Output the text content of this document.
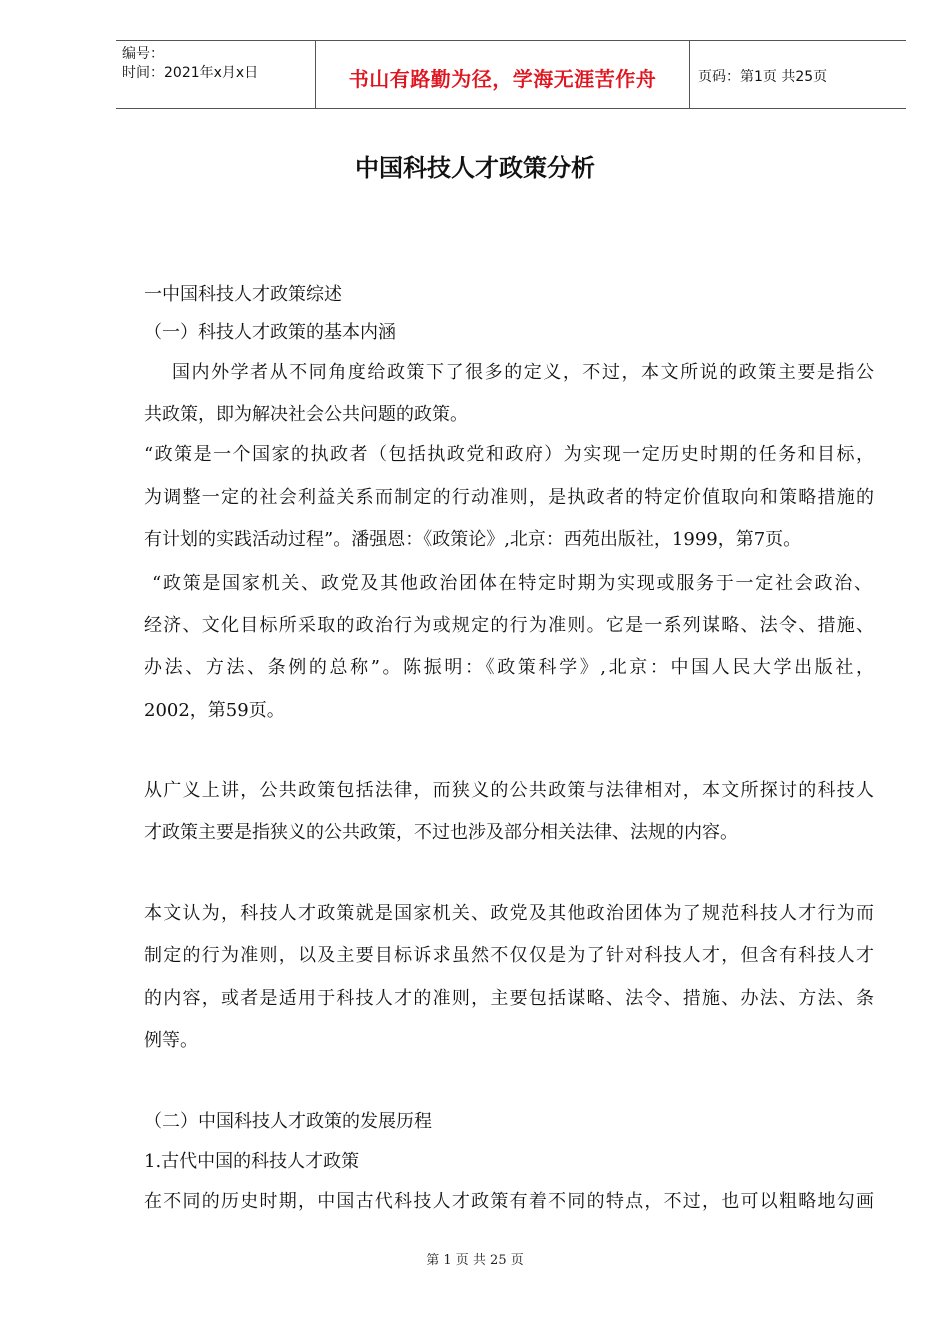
编号：
时间：2021年x月x日	书山有路勤为径，学海无涯苦作舟	页码：第1页 共25页
中国科技人才政策分析
一中国科技人才政策综述
（一）科技人才政策的基本内涵
国内外学者从不同角度给政策下了很多的定义，不过，本文所说的政策主要是指公
共政策，即为解决社会公共问题的政策。
“政策是一个国家的执政者（包括执政党和政府）为实现一定历史时期的任务和目标，
为调整一定的社会利益关系而制定的行动准则，是执政者的特定价值取向和策略措施的
有计划的实践活动过程”。潘强恩：《政策论》,北京：西苑出版社，1999，第7页。
“政策是国家机关、政党及其他政治团体在特定时期为实现或服务于一定社会政治、
经济、文化目标所采取的政治行为或规定的行为准则。它是一系列谋略、法令、措施、
办法、方法、条例的总称”。陈振明：《政策科学》,北京：中国人民大学出版社，
2002，第59页。
从广义上讲，公共政策包括法律，而狭义的公共政策与法律相对，本文所探讨的科技人
才政策主要是指狭义的公共政策，不过也涉及部分相关法律、法规的内容。
本文认为，科技人才政策就是国家机关、政党及其他政治团体为了规范科技人才行为而
制定的行为准则，以及主要目标诉求虽然不仅仅是为了针对科技人才，但含有科技人才
的内容，或者是适用于科技人才的准则，主要包括谋略、法令、措施、办法、方法、条
例等。
（二）中国科技人才政策的发展历程
1.古代中国的科技人才政策
在不同的历史时期，中国古代科技人才政策有着不同的特点，不过，也可以粗略地勾画
第 1 页 共 25 页
